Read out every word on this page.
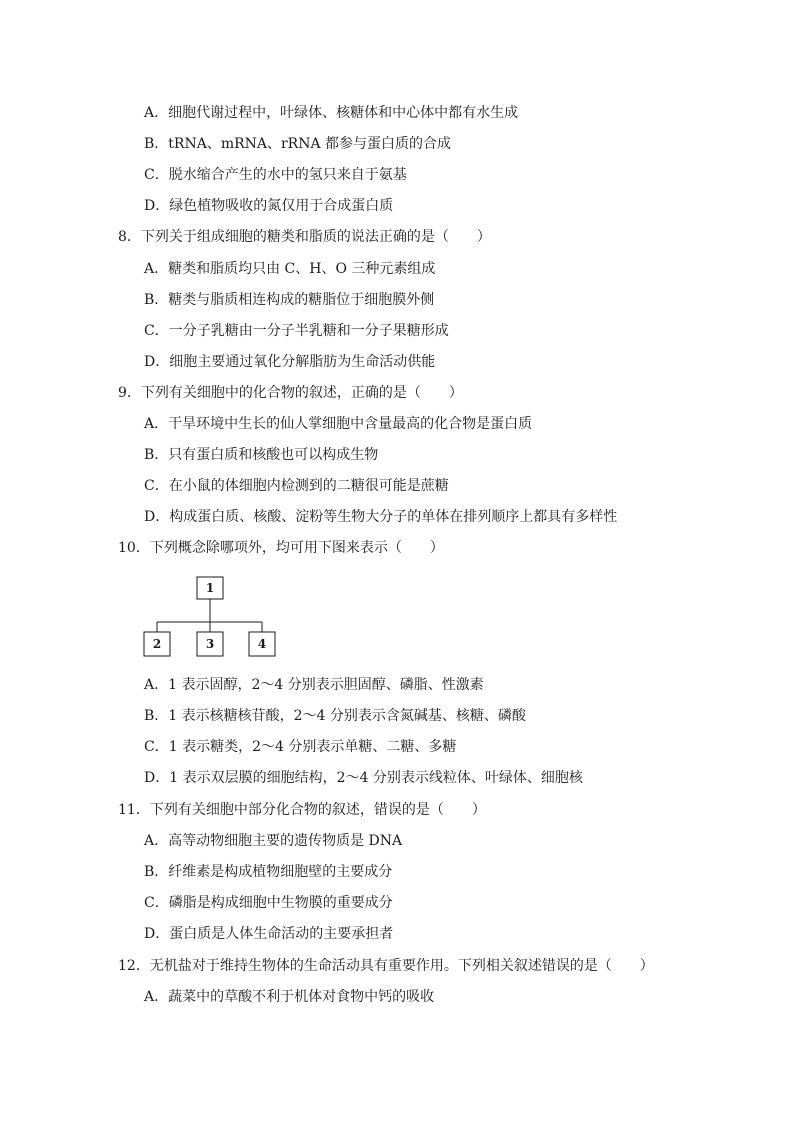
A．细胞代谢过程中，叶绿体、核糖体和中心体中都有水生成
B．tRNA、mRNA、rRNA 都参与蛋白质的合成
C．脱水缩合产生的水中的氢只来自于氨基
D．绿色植物吸收的氮仅用于合成蛋白质
8．下列关于组成细胞的糖类和脂质的说法正确的是（　　）
A．糖类和脂质均只由 C、H、O 三种元素组成
B．糖类与脂质相连构成的糖脂位于细胞膜外侧
C．一分子乳糖由一分子半乳糖和一分子果糖形成
D．细胞主要通过氧化分解脂肪为生命活动供能
9．下列有关细胞中的化合物的叙述，正确的是（　　）
A．干旱环境中生长的仙人掌细胞中含量最高的化合物是蛋白质
B．只有蛋白质和核酸也可以构成生物
C．在小鼠的体细胞内检测到的二糖很可能是蔗糖
D．构成蛋白质、核酸、淀粉等生物大分子的单体在排列顺序上都具有多样性
10．下列概念除哪项外，均可用下图来表示（　　）
1
2	3	4
A．1 表示固醇，2～4 分别表示胆固醇、磷脂、性激素
B．1 表示核糖核苷酸，2～4 分别表示含氮碱基、核糖、磷酸
C．1 表示糖类，2～4 分别表示单糖、二糖、多糖
D．1 表示双层膜的细胞结构，2～4 分别表示线粒体、叶绿体、细胞核
11．下列有关细胞中部分化合物的叙述，错误的是（　　）
A．高等动物细胞主要的遗传物质是 DNA
B．纤维素是构成植物细胞壁的主要成分
C．磷脂是构成细胞中生物膜的重要成分
D．蛋白质是人体生命活动的主要承担者
12．无机盐对于维持生物体的生命活动具有重要作用。下列相关叙述错误的是（　　）
A．蔬菜中的草酸不利于机体对食物中钙的吸收
